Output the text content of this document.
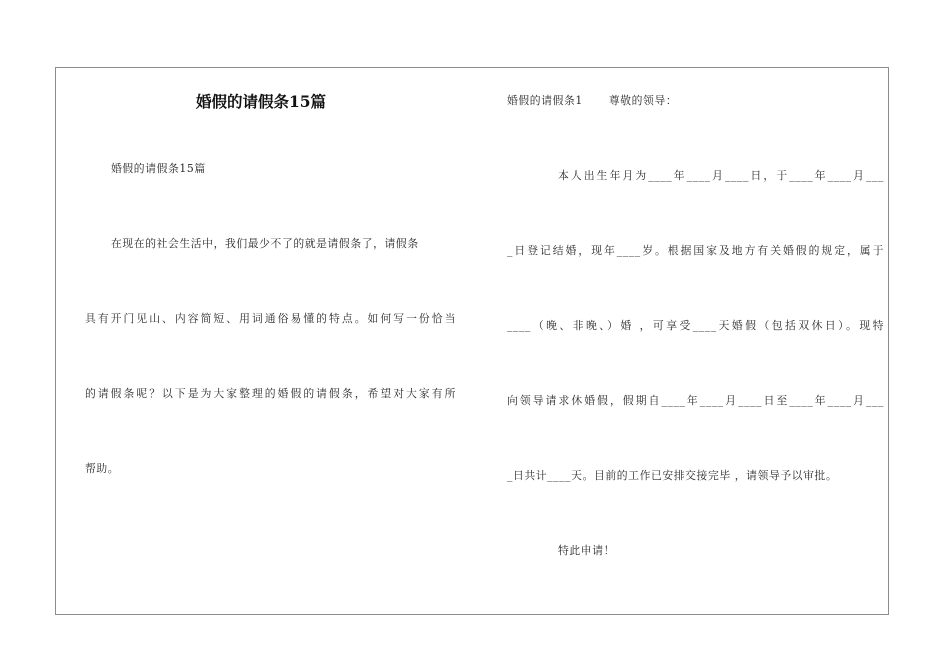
婚假的请假条15篇
婚假的请假条15篇
在现在的社会生活中，我们最少不了的就是请假条了，请假条
具有开门见山、内容简短、用词通俗易懂的特点。如何写一份恰当
的请假条呢？以下是为大家整理的婚假的请假条，希望对大家有所
帮助。
婚假的请假条1 尊敬的领导：
本人出生年月为____年____月____日，于____年____月___
_日登记结婚，现年____岁。根据国家及地方有关婚假的规定，属于
____（晚、非晚、）婚 ，可享受____天婚假（包括双休日）。现特
向领导请求休婚假，假期自____年____月____日至____年____月___
_日共计____天。目前的工作已安排交接完毕 ，请领导予以审批。
特此申请！
